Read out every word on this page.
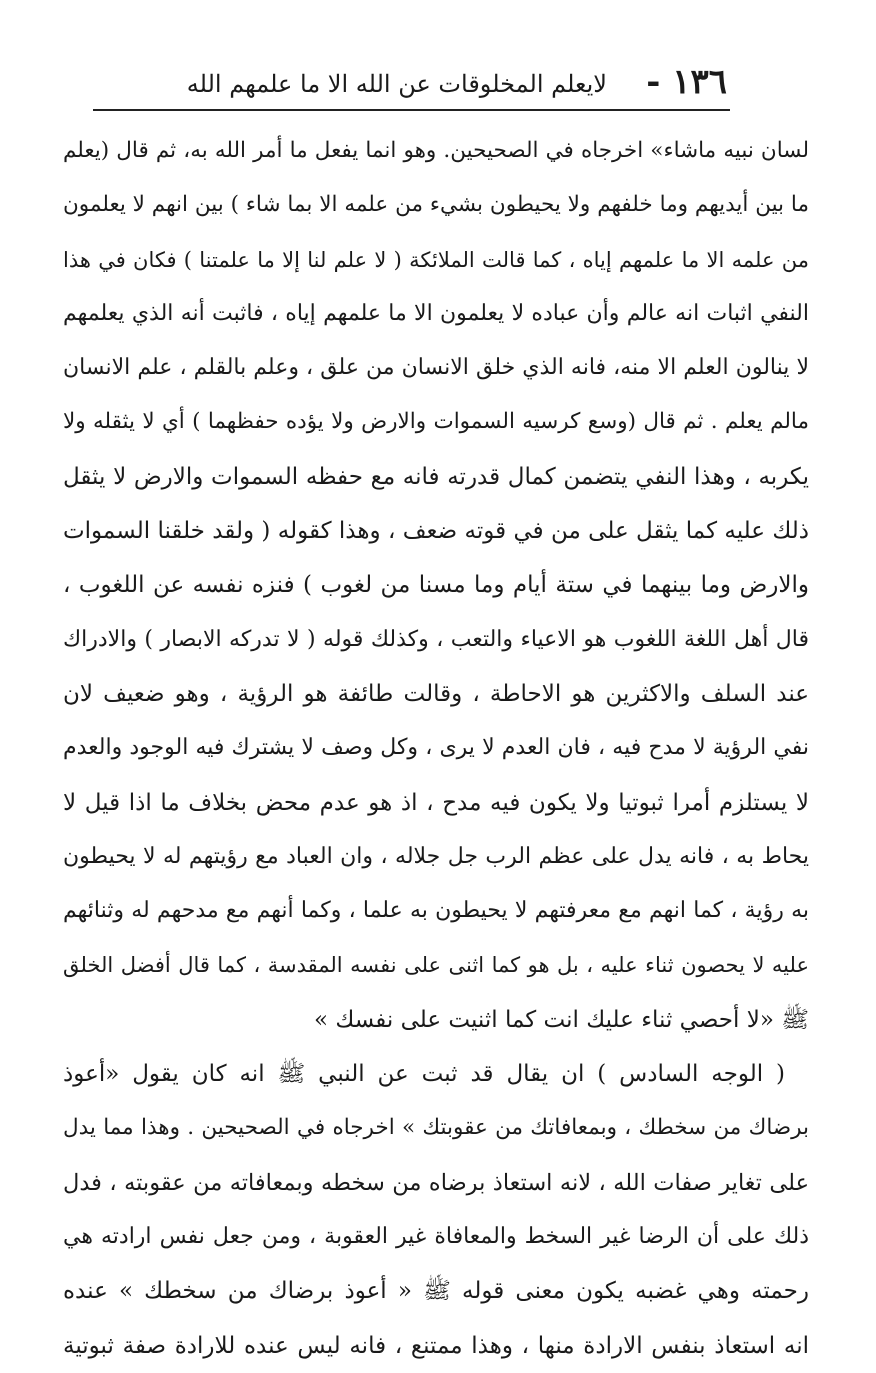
١٣٦ -
لايعلم المخلوقات عن الله الا ما علمهم الله
لسان نبيه ماشاء» اخرجاه في الصحيحين. وهو انما يفعل ما أمر الله به، ثم قال (يعلم
ما بين أيديهم وما خلفهم ولا يحيطون بشيء من علمه الا بما شاء ) بين انهم لا يعلمون
من علمه الا ما علمهم إياه ، كما قالت الملائكة ( لا علم لنا إلا ما علمتنا ) فكان في هذا
النفي اثبات انه عالم وأن عباده لا يعلمون الا ما علمهم إياه ، فاثبت أنه الذي يعلمهم
لا ينالون العلم الا منه، فانه الذي خلق الانسان من علق ، وعلم بالقلم ، علم الانسان
مالم يعلم . ثم قال (وسع كرسيه السموات والارض ولا يؤده حفظهما ) أي لا يثقله ولا
يكربه ، وهذا النفي يتضمن كمال قدرته فانه مع حفظه السموات والارض لا يثقل
ذلك عليه كما يثقل على من في قوته ضعف ، وهذا كقوله ( ولقد خلقنا السموات
والارض وما بينهما في ستة أيام وما مسنا من لغوب ) فنزه نفسه عن اللغوب ،
قال أهل اللغة اللغوب هو الاعياء والتعب ، وكذلك قوله ( لا تدركه الابصار ) والادراك
عند السلف والاكثرين هو الاحاطة ، وقالت طائفة هو الرؤية ، وهو ضعيف لان
نفي الرؤية لا مدح فيه ، فان العدم لا يرى ، وكل وصف لا يشترك فيه الوجود والعدم
لا يستلزم أمرا ثبوتيا ولا يكون فيه مدح ، اذ هو عدم محض بخلاف ما اذا قيل لا
يحاط به ، فانه يدل على عظم الرب جل جلاله ، وان العباد مع رؤيتهم له لا يحيطون
به رؤية ، كما انهم مع معرفتهم لا يحيطون به علما ، وكما أنهم مع مدحهم له وثنائهم
عليه لا يحصون ثناء عليه ، بل هو كما اثنى على نفسه المقدسة ، كما قال أفضل الخلق
ﷺ «لا أحصي ثناء عليك انت كما اثنيت على نفسك »
( الوجه السادس ) ان يقال قد ثبت عن النبي ﷺ انه كان يقول «أعوذ
برضاك من سخطك ، وبمعافاتك من عقوبتك » اخرجاه في الصحيحين . وهذا مما يدل
على تغاير صفات الله ، لانه استعاذ برضاه من سخطه وبمعافاته من عقوبته ، فدل
ذلك على أن الرضا غير السخط والمعافاة غير العقوبة ، ومن جعل نفس ارادته هي
رحمته وهي غضبه يكون معنى قوله ﷺ « أعوذ برضاك من سخطك » عنده
انه استعاذ بنفس الارادة منها ، وهذا ممتنع ، فانه ليس عنده للارادة صفة ثبوتية
